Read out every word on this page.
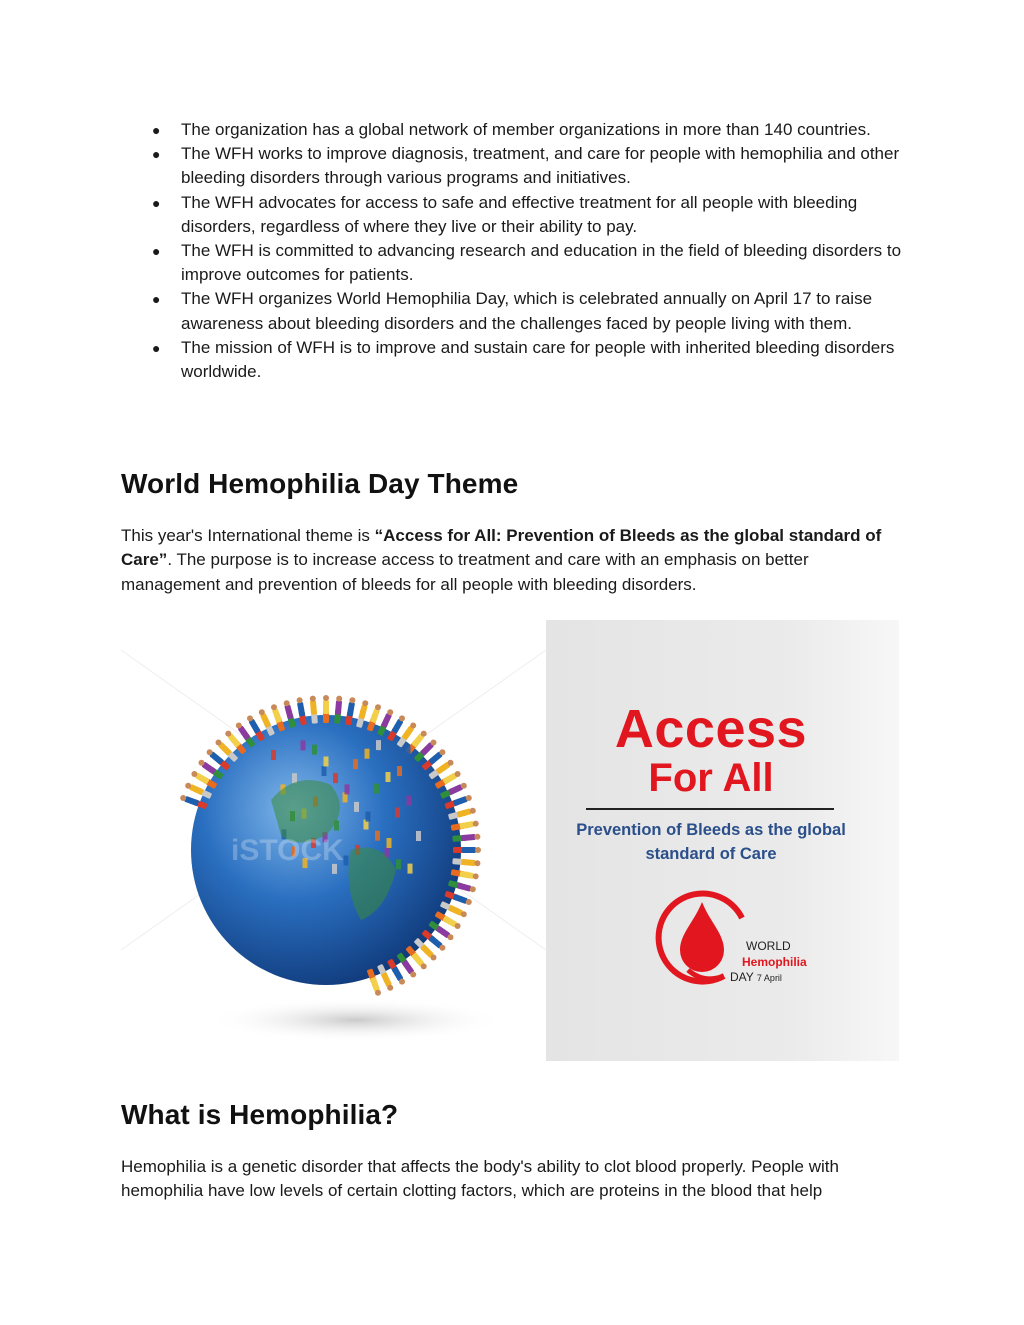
● The organization has a global network of member organizations in more than 140 countries.
● The WFH works to improve diagnosis, treatment, and care for people with hemophilia and other bleeding disorders through various programs and initiatives.
● The WFH advocates for access to safe and effective treatment for all people with bleeding disorders, regardless of where they live or their ability to pay.
● The WFH is committed to advancing research and education in the field of bleeding disorders to improve outcomes for patients.
● The WFH organizes World Hemophilia Day, which is celebrated annually on April 17 to raise awareness about bleeding disorders and the challenges faced by people living with them.
● The mission of WFH is to improve and sustain care for people with inherited bleeding disorders worldwide.
World Hemophilia Day Theme

This year's International theme is “Access for All: Prevention of Bleeds as the global standard of Care”. The purpose is to increase access to treatment and care with an emphasis on better management and prevention of bleeds for all people with bleeding disorders.

iSTOCK
Access
For All
Prevention of Bleeds as the global
standard of Care
WORLD
Hemophilia
DAY 7 April
What is Hemophilia?

Hemophilia is a genetic disorder that affects the body's ability to clot blood properly. People with hemophilia have low levels of certain clotting factors, which are proteins in the blood that help
